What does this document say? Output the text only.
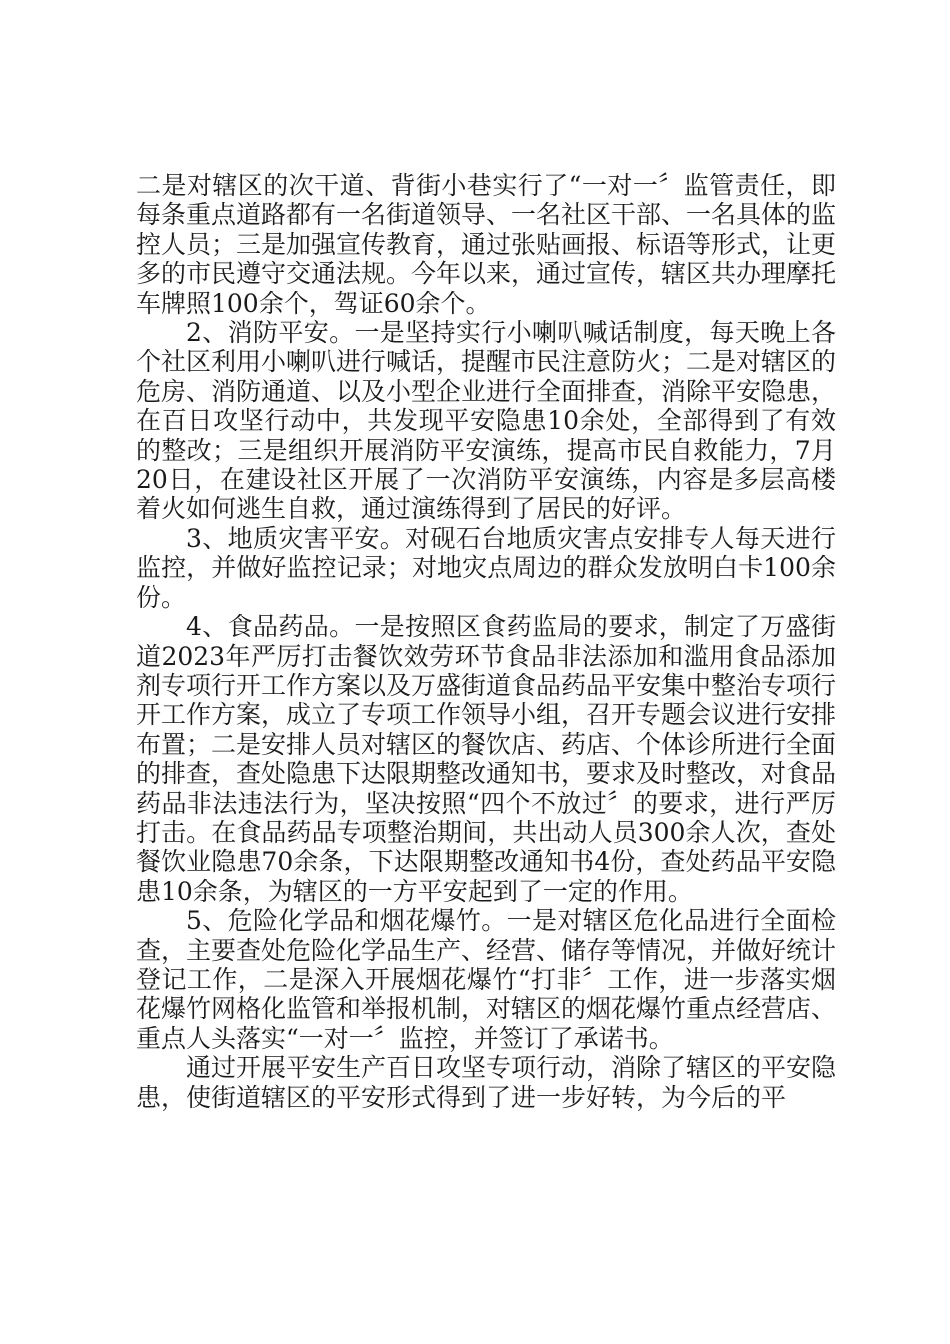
二是对辖区的次干道、背街小巷实行了“一对一〞监管责任，即每条重点道路都有一名街道领导、一名社区干部、一名具体的监控人员；三是加强宣传教育，通过张贴画报、标语等形式，让更多的市民遵守交通法规。今年以来，通过宣传，辖区共办理摩托车牌照100余个，驾证60余个。

2、消防平安。一是坚持实行小喇叭喊话制度，每天晚上各个社区利用小喇叭进行喊话，提醒市民注意防火；二是对辖区的危房、消防通道、以及小型企业进行全面排查，消除平安隐患，在百日攻坚行动中，共发现平安隐患10余处，全部得到了有效的整改；三是组织开展消防平安演练，提高市民自救能力，7月20日，在建设社区开展了一次消防平安演练，内容是多层高楼着火如何逃生自救，通过演练得到了居民的好评。

3、地质灾害平安。对砚石台地质灾害点安排专人每天进行监控，并做好监控记录；对地灾点周边的群众发放明白卡100余份。

4、食品药品。一是按照区食药监局的要求，制定了万盛街道2023年严厉打击餐饮效劳环节食品非法添加和滥用食品添加剂专项行开工作方案以及万盛街道食品药品平安集中整治专项行开工作方案，成立了专项工作领导小组，召开专题会议进行安排布置；二是安排人员对辖区的餐饮店、药店、个体诊所进行全面的排查，查处隐患下达限期整改通知书，要求及时整改，对食品药品非法违法行为，坚决按照“四个不放过〞的要求，进行严厉打击。在食品药品专项整治期间，共出动人员300余人次，查处餐饮业隐患70余条，下达限期整改通知书4份，查处药品平安隐患10余条，为辖区的一方平安起到了一定的作用。

5、危险化学品和烟花爆竹。一是对辖区危化品进行全面检查，主要查处危险化学品生产、经营、储存等情况，并做好统计登记工作，二是深入开展烟花爆竹“打非〞工作，进一步落实烟花爆竹网格化监管和举报机制，对辖区的烟花爆竹重点经营店、重点人头落实“一对一〞监控，并签订了承诺书。

通过开展平安生产百日攻坚专项行动，消除了辖区的平安隐患，使街道辖区的平安形式得到了进一步好转，为今后的平
